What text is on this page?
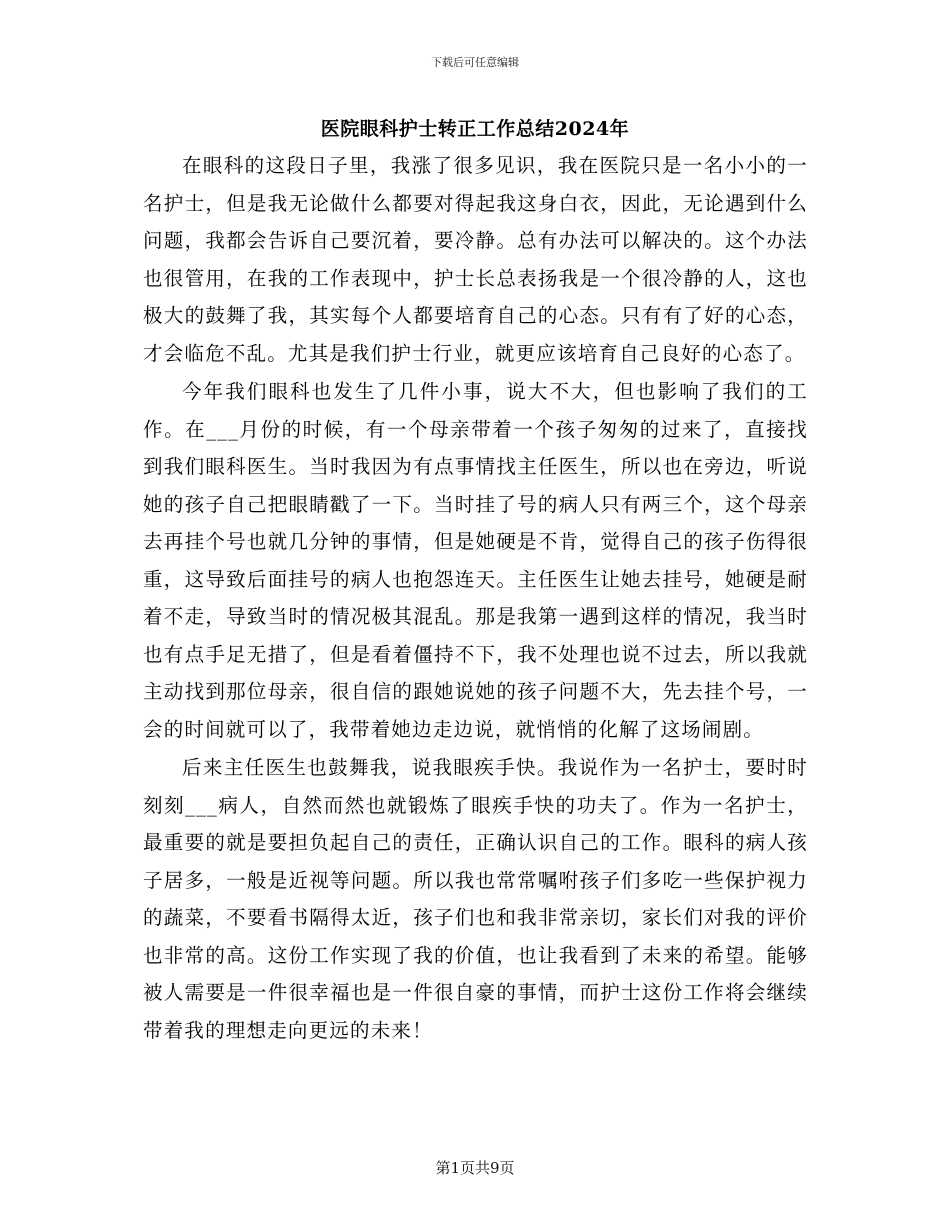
下载后可任意编辑
医院眼科护士转正工作总结2024年

在眼科的这段日子里，我涨了很多见识，我在医院只是一名小小的一名护士，但是我无论做什么都要对得起我这身白衣，因此，无论遇到什么问题，我都会告诉自己要沉着，要冷静。总有办法可以解决的。这个办法也很管用，在我的工作表现中，护士长总表扬我是一个很冷静的人，这也极大的鼓舞了我，其实每个人都要培育自己的心态。只有有了好的心态，才会临危不乱。尤其是我们护士行业，就更应该培育自己良好的心态了。

今年我们眼科也发生了几件小事，说大不大，但也影响了我们的工作。在___月份的时候，有一个母亲带着一个孩子匆匆的过来了，直接找到我们眼科医生。当时我因为有点事情找主任医生，所以也在旁边，听说她的孩子自己把眼睛戳了一下。当时挂了号的病人只有两三个，这个母亲去再挂个号也就几分钟的事情，但是她硬是不肯，觉得自己的孩子伤得很重，这导致后面挂号的病人也抱怨连天。主任医生让她去挂号，她硬是耐着不走，导致当时的情况极其混乱。那是我第一遇到这样的情况，我当时也有点手足无措了，但是看着僵持不下，我不处理也说不过去，所以我就主动找到那位母亲，很自信的跟她说她的孩子问题不大，先去挂个号，一会的时间就可以了，我带着她边走边说，就悄悄的化解了这场闹剧。

后来主任医生也鼓舞我，说我眼疾手快。我说作为一名护士，要时时刻刻___病人，自然而然也就锻炼了眼疾手快的功夫了。作为一名护士，最重要的就是要担负起自己的责任，正确认识自己的工作。眼科的病人孩子居多，一般是近视等问题。所以我也常常嘱咐孩子们多吃一些保护视力的蔬菜，不要看书隔得太近，孩子们也和我非常亲切，家长们对我的评价也非常的高。这份工作实现了我的价值，也让我看到了未来的希望。能够被人需要是一件很幸福也是一件很自豪的事情，而护士这份工作将会继续带着我的理想走向更远的未来！

第1页共9页
